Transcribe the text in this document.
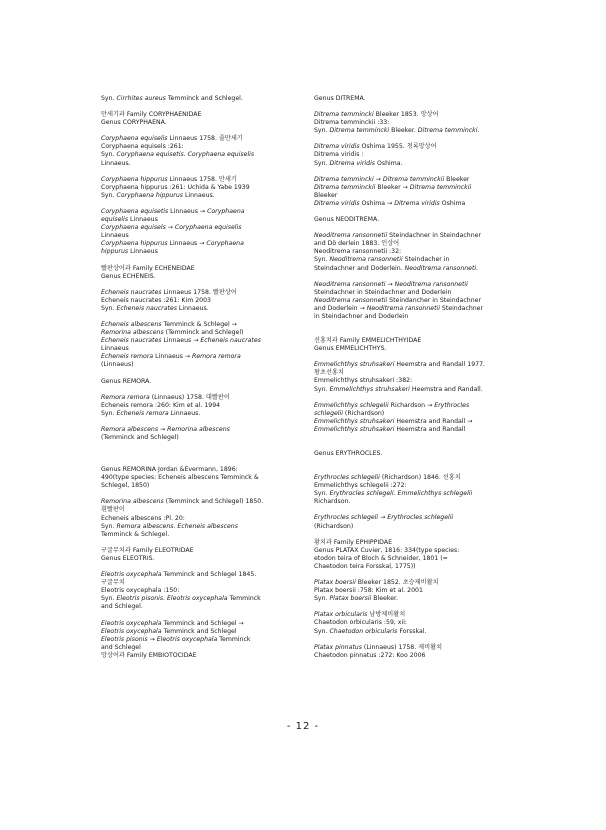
Syn. Cirrhites aureus Temminck and Schlegel.
만새기과 Family CORYPHAENIDAE
Genus CORYPHAENA.
Coryphaena equiselis Linnaeus 1758. 줄만새기
Coryphaena equisels :261:
Syn. Coryphaena equisetis. Coryphaena equiselis
Linnaeus.
Coryphaena hippurus Linnaeus 1758. 만새기
Coryphaena hippurus :261: Uchida & Yabe 1939
Syn. Coryphaena hippurus Linnaeus.
Coryphaena equisetis Linnaeus → Coryphaena
equiselis Linnaeus
Coryphaena equisels → Coryphaena equiselis
Linnaeus
Coryphaena hippurus Linnaeus → Coryphaena
hippurus Linnaeus
빨판상어과 Family ECHENEIDAE
Genus ECHENEIS.
Echeneis naucrates Linnaeus 1758. 빨판상어
Echeneis naucrates :261: Kim 2003
Syn. Echeneis naucrates Linnaeus.
Echeneis albescens Temminck & Schlegel →
Remorina albescens (Temminck and Schlegel)
Echeneis naucrates Linnaeus → Echeneis naucrates
Linnaeus
Echeneis remora Linnaeus → Remora remora
(Linnaeus)
Genus REMORA.
Remora remora (Linnaeus) 1758. 대빨판이
Echeneis remora :260: Kim et al. 1994
Syn. Echeneis remora Linnaeus.
Remora albescens → Remorina albescens
(Temminck and Schlegel)
Genus REMORINA Jordan &Evermann, 1896:
490(type species: Echeneis albescens Temminck &
Schlegel, 1850)
Remorina albescens (Temminck and Schlegel) 1850.
흰빨판이
Echeneis albescens :Pl. 20:
Syn. Remora albescens. Echeneis albescens
Temminck & Schlegel.
구굴무치과 Family ELEOTRIDAE
Genus ELEOTRIS.
Eleotris oxycephala Temminck and Schlegel 1845.
구굴무치
Eleotris oxycephala :150:
Syn. Eleotris pisonis. Eleotris oxycephala Temminck
and Schlegel.
Eleotris oxycephala Temminck and Schlegel →
Eleotris oxycephala Temminck and Schlegel
Eleotris pisonis → Eleotris oxycephala Temminck
and Schlegel
망상어과 Family EMBIOTOCIDAE
Genus DITREMA.
Ditrema temmincki Bleeker 1853. 망상어
Ditrema temminckii :33:
Syn. Ditrema temmincki Bleeker. Ditrema temmincki.
Ditrema viridis Oshima 1955. 청록망상어
Ditrema viridis :
Syn. Ditrema viridis Oshima.
Ditrema temmincki → Ditrema temminckii Bleeker
Ditrema temminckii Bleeker → Ditrema temminckii
Bleeker
Ditrema viridis Oshima → Ditrema viridis Oshima
Genus NEODITREMA.
Neoditrema ransonnetii Steindachner in Steindachner
and Dö derlein 1883. 인상어
Neoditrema ransonnetii :32:
Syn. Neoditrema ransonnetii Steindacher in
Steindachner and Doderlein. Neoditrema ransonneti.
Neoditrema ransonneti → Neoditrema ransonnetii
Steindachner in Steindachner and Doderlein
Neoditrema ransonnetii Steindancher in Steindachner
and Doderlein → Neoditrema ransonnetii Steindachner
in Steindachner and Doderlein
선홍치과 Family EMMELICHTHYIDAE
Genus EMMELICHTHYS.
Emmelichthys struhsakeri Heemstra and Randall 1977.
왕초선홍치
Emmelichthys struhsakeri :382:
Syn. Emmelichthys struhsakeri Heemstra and Randall.
Emmelichthys schlegelii Richardson → Erythrocles
schlegelii (Richardson)
Emmelichthys struhsakeri Heemstra and Randall →
Emmelichthys struhsakeri Heemstra and Randall
Genus ERYTHROCLES.
Erythrocles schlegelii (Richardson) 1846. 선홍치
Emmelichthys schlegelii :272:
Syn. Erythrocles schlegeli. Emmelichthys schlegelii
Richardson.
Erythrocles schlegeli → Erythrocles schlegelii
(Richardson)
황치과 Family EPHIPPIDAE
Genus PLATAX Cuvier, 1816: 334(type species:
etodon teira of Bloch & Schneider, 1801 (=
Chaetodon teira Forsskal, 1775))
Platax boersii Bleeker 1852. 초승제비활치
Platax boersii :758: Kim et al. 2001
Syn. Platax boersii Bleeker.
Platax orbicularis 남방제비활치
Chaetodon orbicularis :59, xii:
Syn. Chaetodon orbicularis Forsskal.
Platax pinnatus (Linnaeus) 1758. 제비활치
Chaetodon pinnatus :272: Koo 2006
- 12 -
